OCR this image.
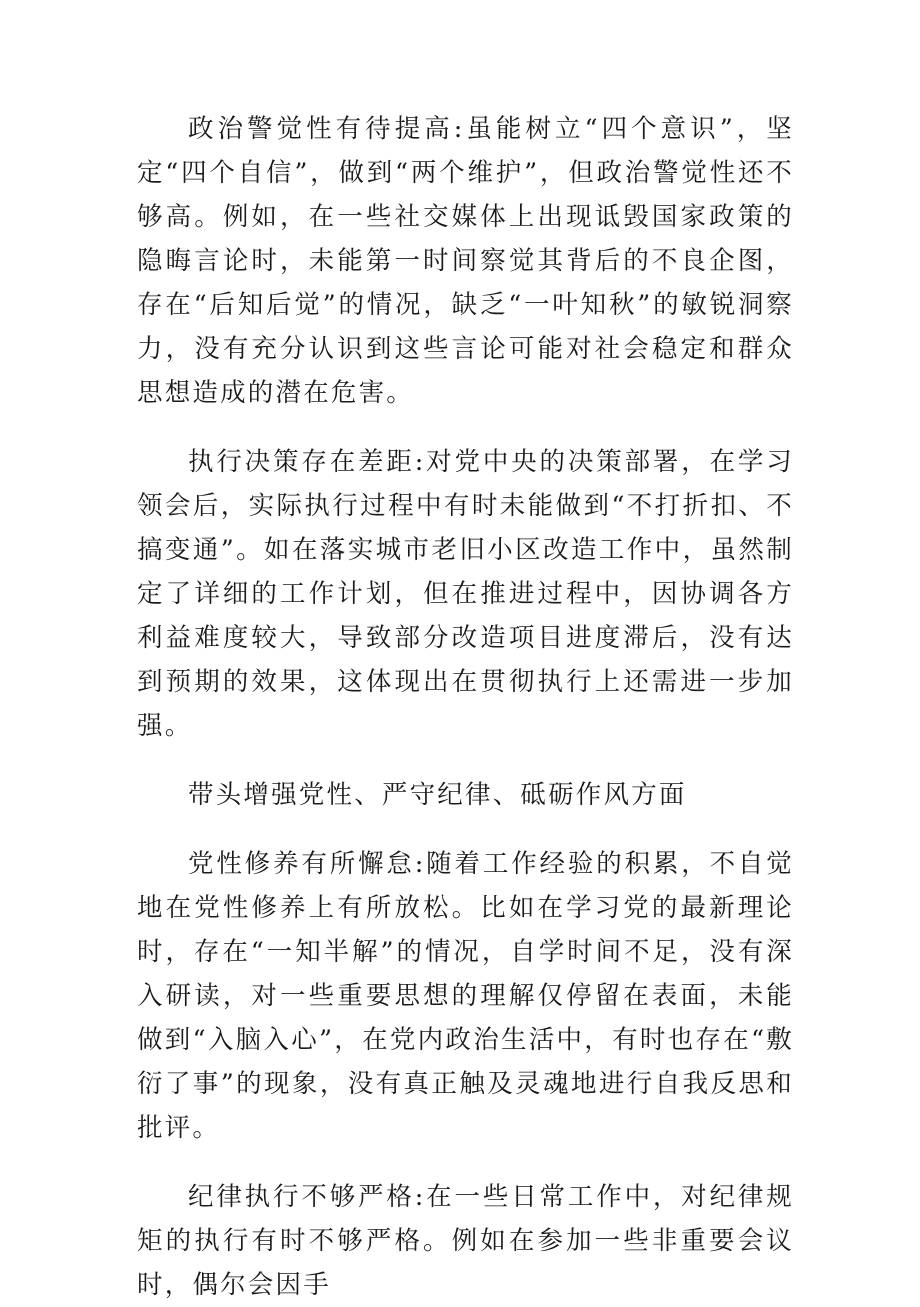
政治警觉性有待提高:虽能树立“四个意识”，坚定“四个自信”，做到“两个维护”，但政治警觉性还不够高。例如，在一些社交媒体上出现诋毁国家政策的隐晦言论时，未能第一时间察觉其背后的不良企图，存在“后知后觉”的情况，缺乏“一叶知秋”的敏锐洞察力，没有充分认识到这些言论可能对社会稳定和群众思想造成的潜在危害。

执行决策存在差距:对党中央的决策部署，在学习领会后，实际执行过程中有时未能做到“不打折扣、不搞变通”。如在落实城市老旧小区改造工作中，虽然制定了详细的工作计划，但在推进过程中，因协调各方利益难度较大，导致部分改造项目进度滞后，没有达到预期的效果，这体现出在贯彻执行上还需进一步加强。

带头增强党性、严守纪律、砥砺作风方面

党性修养有所懈怠:随着工作经验的积累，不自觉地在党性修养上有所放松。比如在学习党的最新理论时，存在“一知半解”的情况，自学时间不足，没有深入研读，对一些重要思想的理解仅停留在表面，未能做到“入脑入心”，在党内政治生活中，有时也存在“敷衍了事”的现象，没有真正触及灵魂地进行自我反思和批评。

纪律执行不够严格:在一些日常工作中，对纪律规矩的执行有时不够严格。例如在参加一些非重要会议时，偶尔会因手
